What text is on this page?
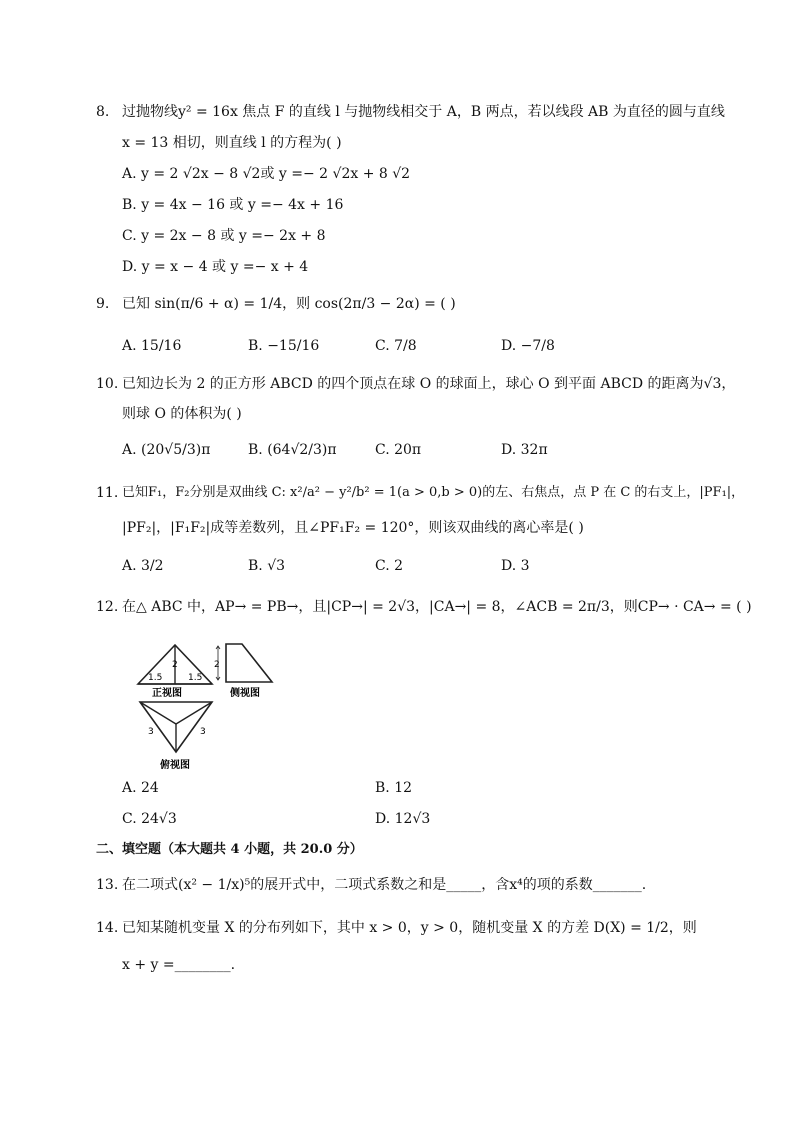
8. 过抛物线y² = 16x 焦点 F 的直线 l 与抛物线相交于 A，B 两点，若以线段 AB 为直径的圆与直线
x = 13 相切，则直线 l 的方程为( )
A. y = 2 √2x − 8 √2或 y =− 2 √2x + 8 √2
B. y = 4x − 16 或 y =− 4x + 16
C. y = 2x − 8 或 y =− 2x + 8
D. y = x − 4 或 y =− x + 4
9. 已知 sin(π/6 + α) = 1/4，则 cos(2π/3 − 2α) = ( )
A. 15/16	B. −15/16	C. 7/8	D. −7/8
10. 已知边长为 2 的正方形 ABCD 的四个顶点在球 O 的球面上，球心 O 到平面 ABCD 的距离为√3，
则球 O 的体积为( )
A. (20√5/3)π	B. (64√2/3)π	C. 20π	D. 32π
11. 已知F₁，F₂分别是双曲线 C: x²/a² − y²/b² = 1(a > 0,b > 0)的左、右焦点，点 P 在 C 的右支上，|PF₁|，
|PF₂|，|F₁F₂|成等差数列，且∠PF₁F₂ = 120°，则该双曲线的离心率是( )
A. 3/2	B. √3	C. 2	D. 3
12. 在△ ABC 中，AP→ = PB→，且|CP→| = 2√3，|CA→| = 8，∠ACB = 2π/3，则CP→ · CA→ = ( )
2
1.5	1.5
正视图
2
侧视图
3	3
俯视图
A. 24	B. 12
C. 24√3	D. 12√3
二、填空题（本大题共 4 小题，共 20.0 分）
13. 在二项式(x² − 1/x)⁵的展开式中，二项式系数之和是_____，含x⁴的项的系数_______.
14. 已知某随机变量 X 的分布列如下，其中 x > 0，y > 0，随机变量 X 的方差 D(X) = 1/2，则
x + y =________.
